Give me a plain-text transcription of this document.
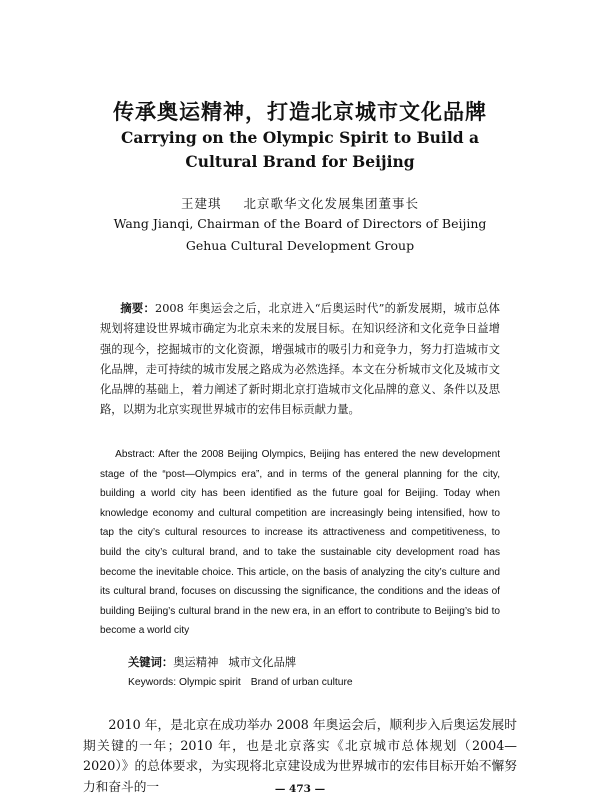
传承奥运精神，打造北京城市文化品牌
Carrying on the Olympic Spirit to Build a
Cultural Brand for Beijing
王建琪 北京歌华文化发展集团董事长
Wang Jianqi, Chairman of the Board of Directors of Beijing
Gehua Cultural Development Group
摘要：2008 年奥运会之后，北京进入“后奥运时代”的新发展期，城市总体规划将建设世界城市确定为北京未来的发展目标。在知识经济和文化竞争日益增强的现今，挖掘城市的文化资源，增强城市的吸引力和竞争力，努力打造城市文化品牌，走可持续的城市发展之路成为必然选择。本文在分析城市文化及城市文化品牌的基础上，着力阐述了新时期北京打造城市文化品牌的意义、条件以及思路，以期为北京实现世界城市的宏伟目标贡献力量。
Abstract: After the 2008 Beijing Olympics, Beijing has entered the new development stage of the “post—Olympics era”, and in terms of the general planning for the city, building a world city has been identified as the future goal for Beijing. Today when knowledge economy and cultural competition are increasingly being intensified, how to tap the city’s cultural resources to increase its attractiveness and competitiveness, to build the city’s cultural brand, and to take the sustainable city development road has become the inevitable choice. This article, on the basis of analyzing the city’s culture and its cultural brand, focuses on discussing the significance, the conditions and the ideas of building Beijing’s cultural brand in the new era, in an effort to contribute to Beijing’s bid to become a world city
关键词：奥运精神 城市文化品牌
Keywords: Olympic spirit Brand of urban culture
2010 年，是北京在成功举办 2008 年奥运会后，顺利步入后奥运发展时期关键的一年；2010 年，也是北京落实《北京城市总体规划（2004—2020）》的总体要求，为实现将北京建设成为世界城市的宏伟目标开始不懈努力和奋斗的一	— 473 —
